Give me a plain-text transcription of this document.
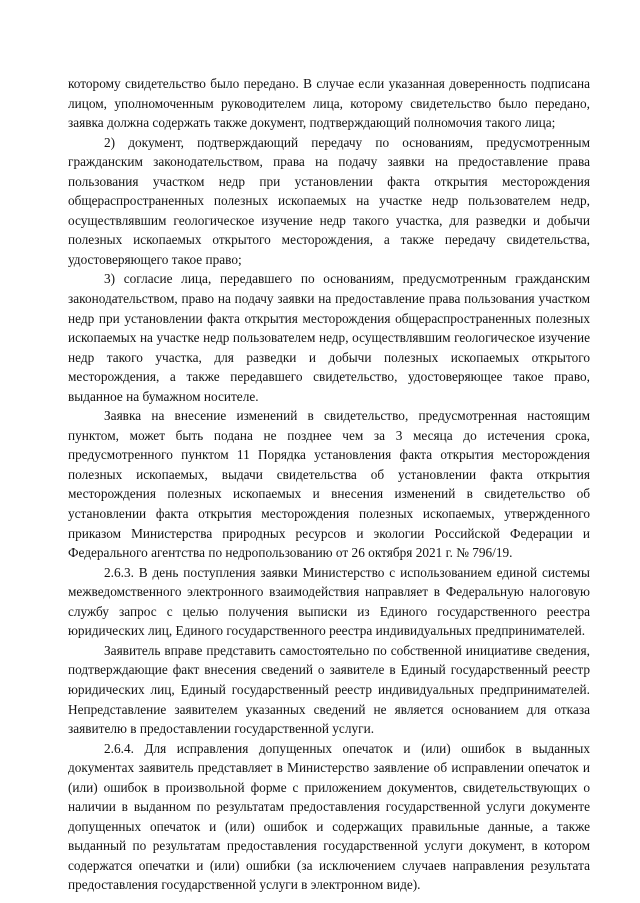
которому свидетельство было передано. В случае если указанная доверенность подписана лицом, уполномоченным руководителем лица, которому свидетельство было передано, заявка должна содержать также документ, подтверждающий полномочия такого лица;

2) документ, подтверждающий передачу по основаниям, предусмотренным гражданским законодательством, права на подачу заявки на предоставление права пользования участком недр при установлении факта открытия месторождения общераспространенных полезных ископаемых на участке недр пользователем недр, осуществлявшим геологическое изучение недр такого участка, для разведки и добычи полезных ископаемых открытого месторождения, а также передачу свидетельства, удостоверяющего такое право;

3) согласие лица, передавшего по основаниям, предусмотренным гражданским законодательством, право на подачу заявки на предоставление права пользования участком недр при установлении факта открытия месторождения общераспространенных полезных ископаемых на участке недр пользователем недр, осуществлявшим геологическое изучение недр такого участка, для разведки и добычи полезных ископаемых открытого месторождения, а также передавшего свидетельство, удостоверяющее такое право, выданное на бумажном носителе.

Заявка на внесение изменений в свидетельство, предусмотренная настоящим пунктом, может быть подана не позднее чем за 3 месяца до истечения срока, предусмотренного пунктом 11 Порядка установления факта открытия месторождения полезных ископаемых, выдачи свидетельства об установлении факта открытия месторождения полезных ископаемых и внесения изменений в свидетельство об установлении факта открытия месторождения полезных ископаемых, утвержденного приказом Министерства природных ресурсов и экологии Российской Федерации и Федерального агентства по недропользованию от 26 октября 2021 г. № 796/19.

2.6.3. В день поступления заявки Министерство с использованием единой системы межведомственного электронного взаимодействия направляет в Федеральную налоговую службу запрос с целью получения выписки из Единого государственного реестра юридических лиц, Единого государственного реестра индивидуальных предпринимателей.

Заявитель вправе представить самостоятельно по собственной инициативе сведения, подтверждающие факт внесения сведений о заявителе в Единый государственный реестр юридических лиц, Единый государственный реестр индивидуальных предпринимателей. Непредставление заявителем указанных сведений не является основанием для отказа заявителю в предоставлении государственной услуги.

2.6.4. Для исправления допущенных опечаток и (или) ошибок в выданных документах заявитель представляет в Министерство заявление об исправлении опечаток и (или) ошибок в произвольной форме с приложением документов, свидетельствующих о наличии в выданном по результатам предоставления государственной услуги документе допущенных опечаток и (или) ошибок и содержащих правильные данные, а также выданный по результатам предоставления государственной услуги документ, в котором содержатся опечатки и (или) ошибки (за исключением случаев направления результата предоставления государственной услуги в электронном виде).
